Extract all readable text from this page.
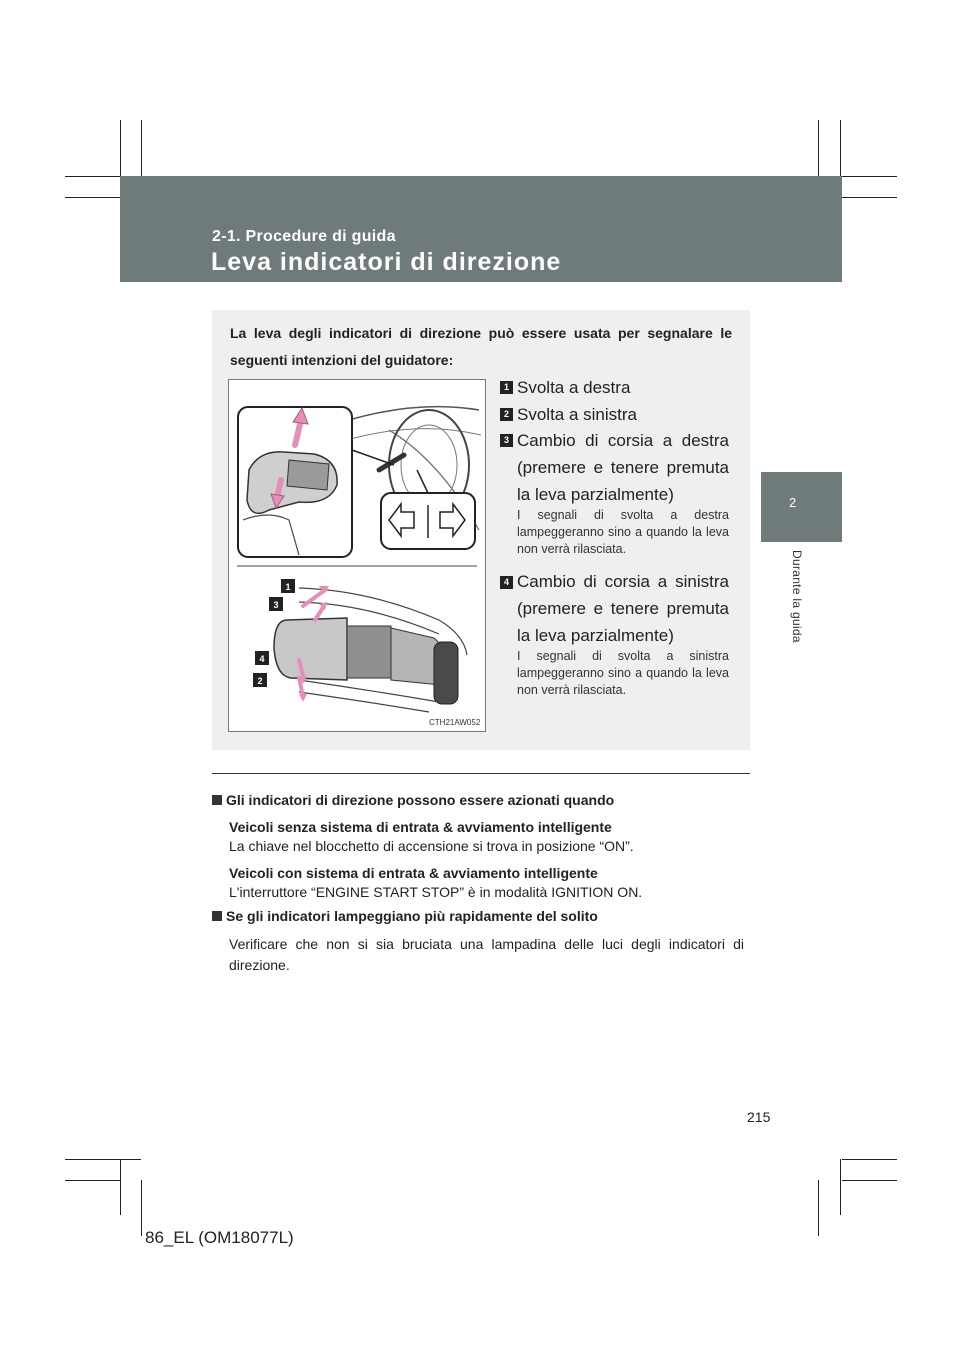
2-1. Procedure di guida
Leva indicatori di direzione
2
Durante la guida
La leva degli indicatori di direzione può essere usata per segnalare le seguenti intenzioni del guidatore:
1
3
4
2
CTH21AW052
1 Svolta a destra
2 Svolta a sinistra
3 Cambio di corsia a destra (premere e tenere premuta la leva parzialmente)
I segnali di svolta a destra lampeggeranno sino a quando la leva non verrà rilasciata.
4 Cambio di corsia a sinistra (premere e tenere premuta la leva parzialmente)
I segnali di svolta a sinistra lampeggeranno sino a quando la leva non verrà rilasciata.
Gli indicatori di direzione possono essere azionati quando
Veicoli senza sistema di entrata & avviamento intelligente
La chiave nel blocchetto di accensione si trova in posizione “ON”.
Veicoli con sistema di entrata & avviamento intelligente
L'interruttore “ENGINE START STOP” è in modalità IGNITION ON.
Se gli indicatori lampeggiano più rapidamente del solito
Verificare che non si sia bruciata una lampadina delle luci degli indicatori di direzione.
215
86_EL (OM18077L)
